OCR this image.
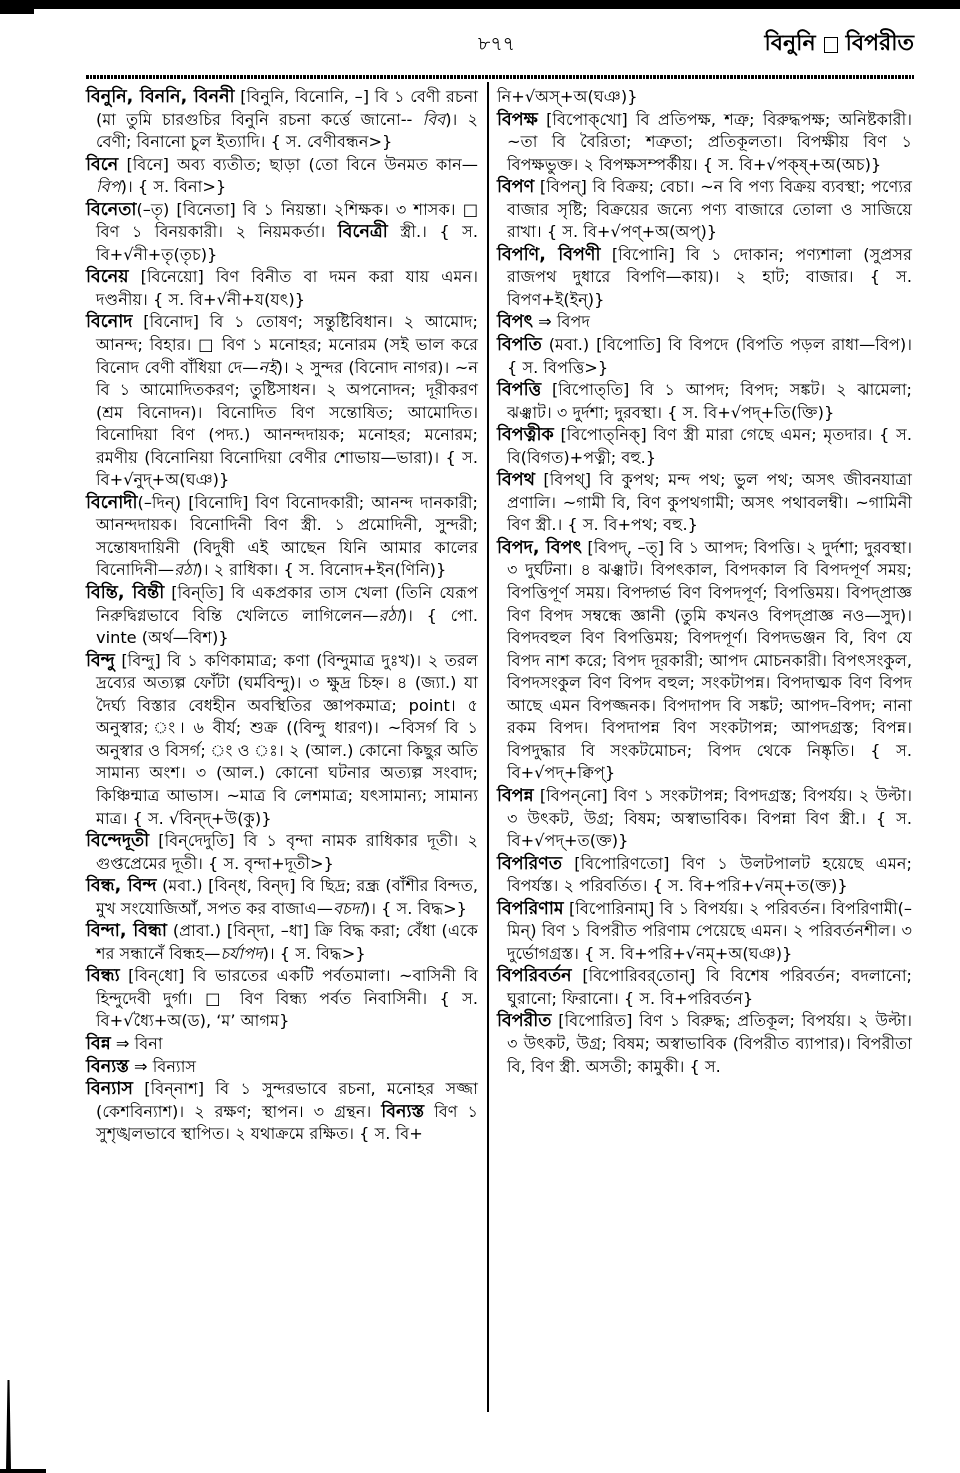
৮৭৭	বিনুনি বিপরীত

বিনুনি, বিননি, বিননী [বিনুনি, বিনোনি, –] বি ১ বেণী রচনা (মা তুমি চারগুচির বিনুনি রচনা কর্ত্তে জানো-- বিব)। ২ বেণী; বিনানো চুল ইত্যাদি। { স. বেণীবন্ধন>}

বিনে [বিনে] অব্য ব্যতীত; ছাড়া (তো বিনে উনমত কান—বিপ)। { স. বিনা>}

বিনেতা(–তৃ) [বিনেতা] বি ১ নিয়ন্তা। ২শিক্ষক। ৩ শাসক। □ বিণ ১ বিনয়কারী। ২ নিয়মকর্তা। বিনেত্রী স্ত্রী.। { স. বি+√নী+তৃ(তৃচ)}

বিনেয় [বিনেয়ো] বিণ বিনীত বা দমন করা যায় এমন। দণ্ডনীয়। { স. বি+√নী+য(যৎ)}

বিনোদ [বিনোদ] বি ১ তোষণ; সন্তুষ্টিবিধান। ২ আমোদ; আনন্দ; বিহার। □ বিণ ১ মনোহর; মনোরম (সই ভাল করে বিনোদ বেণী বাঁধিয়া দে—নই)। ২ সুন্দর (বিনোদ নাগর)। ~ন বি ১ আমোদিতকরণ; তুষ্টিসাধন। ২ অপনোদন; দূরীকরণ (শ্রম বিনোদন)। বিনোদিত বিণ সন্তোষিত; আমোদিত। বিনোদিয়া বিণ (পদ্য.) আনন্দদায়ক; মনোহর; মনোরম; রমণীয় (বিনোনিয়া বিনোদিয়া বেণীর শোভায়—ভারা)। { স. বি+√নুদ্+অ(ঘঞ)}

বিনোদী(–দিন্) [বিনোদি] বিণ বিনোদকারী; আনন্দ দানকারী; আনন্দদায়ক। বিনোদিনী বিণ স্ত্রী. ১ প্রমোদিনী, সুন্দরী; সন্তোষদায়িনী (বিদুষী এই আছেন যিনি আমার কালের বিনোদিনী—রঠা)। ২ রাধিকা। { স. বিনোদ+ইন(ণিনি)}

বিন্তি, বিন্তী [বিন্‌তি] বি একপ্রকার তাস খেলা (তিনি যেরূপ নিরুদ্বিগ্নভাবে বিন্তি খেলিতে লাগিলেন—রঠা)। { পো. vinte (অর্থ—বিশ)}

বিন্দু [বিন্দু] বি ১ কণিকামাত্র; কণা (বিন্দুমাত্র দুঃখ)। ২ তরল দ্রব্যের অত্যল্প ফোঁটা (ঘর্মবিন্দু)। ৩ ক্ষুদ্র চিহ্ন। ৪ (জ্যা.) যা দৈর্ঘ্য বিস্তার বেধহীন অবস্থিতির জ্ঞাপকমাত্র; point। ৫ অনুস্বার; ং। ৬ বীর্য; শুক্র ((বিন্দু ধারণ)। ~বিসর্গ বি ১ অনুস্বার ও বিসর্গ; ং ও ঃ। ২ (আল.) কোনো কিছুর অতি সামান্য অংশ। ৩ (আল.) কোনো ঘটনার অত্যল্প সংবাদ; কিঞ্চিন্মাত্র আভাস। ~মাত্র বি লেশমাত্র; যৎসামান্য; সামান্য মাত্র। { স. √বিন্দ্+উ(কু)}

বিন্দেদূতী [বিন্‌দেদুতি] বি ১ বৃন্দা নামক রাধিকার দূতী। ২ গুপ্তপ্রেমের দূতী। { স. বৃন্দা+দূতী>}

বিন্ধ, বিন্দ (মবা.) [বিন্‌ধ, বিন্‌দ] বি ছিদ্র; রন্ধ্র (বাঁশীর বিন্দত, মুখ সংযোজিআঁ, সপত কর বাজাএ—বচদা)। { স. বিদ্ধ>}

বিন্দা, বিন্ধা (প্রাবা.) [বিন্‌দা, –ধা] ক্রি বিদ্ধ করা; বেঁধা (একে শর সন্ধানেঁ বিন্ধহ—চর্যাপদ)। { স. বিদ্ধ>}

বিন্ধ্য [বিন্‌ধো] বি ভারতের একটি পর্বতমালা। ~বাসিনী বি হিন্দুদেবী দুর্গা। □ বিণ বিন্ধ্য পর্বত নিবাসিনী। { স. বি+√ধ্যৈ+অ(ড), ‘ম’ আগম}

বিন্ন ⇒ বিনা

বিন্যস্ত ⇒ বিন্যাস

বিন্যাস [বিন্‌নাশ] বি ১ সুন্দরভাবে রচনা, মনোহর সজ্জা (কেশবিন্যাশ)। ২ রক্ষণ; স্থাপন। ৩ গ্রন্থন। বিন্যস্ত বিণ ১ সুশৃঙ্খলভাবে স্থাপিত। ২ যথাক্রমে রক্ষিত। { স. বি+

নি+√অস্+অ(ঘঞ)}

বিপক্ষ [বিপোক্‌খো] বি প্রতিপক্ষ, শত্রু; বিরুদ্ধপক্ষ; অনিষ্টকারী। ~তা বি বৈরিতা; শত্রুতা; প্রতিকূলতা। বিপক্ষীয় বিণ ১ বিপক্ষভুক্ত। ২ বিপক্ষসম্পর্কীয়। { স. বি+√পক্ষ্+অ(অচ)}

বিপণ [বিপন্] বি বিক্রয়; বেচা। ~ন বি পণ্য বিক্রয় ব্যবস্থা; পণ্যের বাজার সৃষ্টি; বিক্রয়ের জন্যে পণ্য বাজারে তোলা ও সাজিয়ে রাখা। { স. বি+√পণ্+অ(অপ্)}

বিপণি, বিপণী [বিপোনি] বি ১ দোকান; পণ্যশালা (সুপ্রসর রাজপথ দুধারে বিপণি—কায়)। ২ হাট; বাজার। { স. বিপণ+ই(ইন্)}

বিপৎ ⇒ বিপদ

বিপতি (মবা.) [বিপোতি] বি বিপদে (বিপতি পড়ল রাধা—বিপ)। { স. বিপত্তি>}

বিপত্তি [বিপোত্‌তি] বি ১ আপদ; বিপদ; সঙ্কট। ২ ঝামেলা; ঝঞ্ঝাট। ৩ দুর্দশা; দুরবস্থা। { স. বি+√পদ্+তি(ক্তি)}

বিপত্নীক [বিপোত্‌নিক্] বিণ স্ত্রী মারা গেছে এমন; মৃতদার। { স. বি(বিগত)+পত্নী; বহু.}

বিপথ [বিপথ্] বি কুপথ; মন্দ পথ; ভুল পথ; অসৎ জীবনযাত্রা প্রণালি। ~গামী বি, বিণ কুপথগামী; অসৎ পথাবলম্বী। ~গামিনী বিণ স্ত্রী.। { স. বি+পথ; বহু.}

বিপদ, বিপৎ [বিপদ্, –ত্] বি ১ আপদ; বিপত্তি। ২ দুর্দশা; দুরবস্থা। ৩ দুর্ঘটনা। ৪ ঝঞ্ঝাট। বিপৎকাল, বিপদকাল বি বিপদপূর্ণ সময়; বিপত্তিপূর্ণ সময়। বিপদ্গর্ভ বিণ বিপদপূর্ণ; বিপত্তিময়। বিপদ্প্রাজ্ঞ বিণ বিপদ সম্বন্ধে জ্ঞানী (তুমি কখনও বিপদ্প্রাজ্ঞ নও—সুদ)। বিপদবহুল বিণ বিপত্তিময়; বিপদপূর্ণ। বিপদভঞ্জন বি, বিণ যে বিপদ নাশ করে; বিপদ দূরকারী; আপদ মোচনকারী। বিপৎসংকুল, বিপদসংকুল বিণ বিপদ বহুল; সংকটাপন্ন। বিপদাত্মক বিণ বিপদ আছে এমন বিপজ্জনক। বিপদাপদ বি সঙ্কট; আপদ–বিপদ; নানা রকম বিপদ। বিপদাপন্ন বিণ সংকটাপন্ন; আপদগ্রস্ত; বিপন্ন। বিপদুদ্ধার বি সংকটমোচন; বিপদ থেকে নিষ্কৃতি। { স. বি+√পদ্+ক্বিপ্}

বিপন্ন [বিপন্‌নো] বিণ ১ সংকটাপন্ন; বিপদগ্রস্ত; বিপর্যয়। ২ উল্টা। ৩ উৎকট, উগ্র; বিষম; অস্বাভাবিক। বিপন্না বিণ স্ত্রী.। { স. বি+√পদ্+ত(ক্ত)}

বিপরিণত [বিপোরিণতো] বিণ ১ উলটপালট হয়েছে এমন; বিপর্যস্ত। ২ পরিবর্তিত। { স. বি+পরি+√নম্+ত(ক্ত)}

বিপরিণাম [বিপোরিনাম্] বি ১ বিপর্যয়। ২ পরিবর্তন। বিপরিণামী(–মিন্) বিণ ১ বিপরীত পরিণাম পেয়েছে এমন। ২ পরিবর্তনশীল। ৩ দুর্ভোগগ্রস্ত। { স. বি+পরি+√নম্+অ(ঘঞ)}

বিপরিবর্তন [বিপোরিবর্‌তোন্] বি বিশেষ পরিবর্তন; বদলানো; ঘুরানো; ফিরানো। { স. বি+পরিবর্তন}

বিপরীত [বিপোরিত] বিণ ১ বিরুদ্ধ; প্রতিকূল; বিপর্যয়। ২ উল্টা। ৩ উৎকট, উগ্র; বিষম; অস্বাভাবিক (বিপরীত ব্যাপার)। বিপরীতা বি, বিণ স্ত্রী. অসতী; কামুকী। { স.
